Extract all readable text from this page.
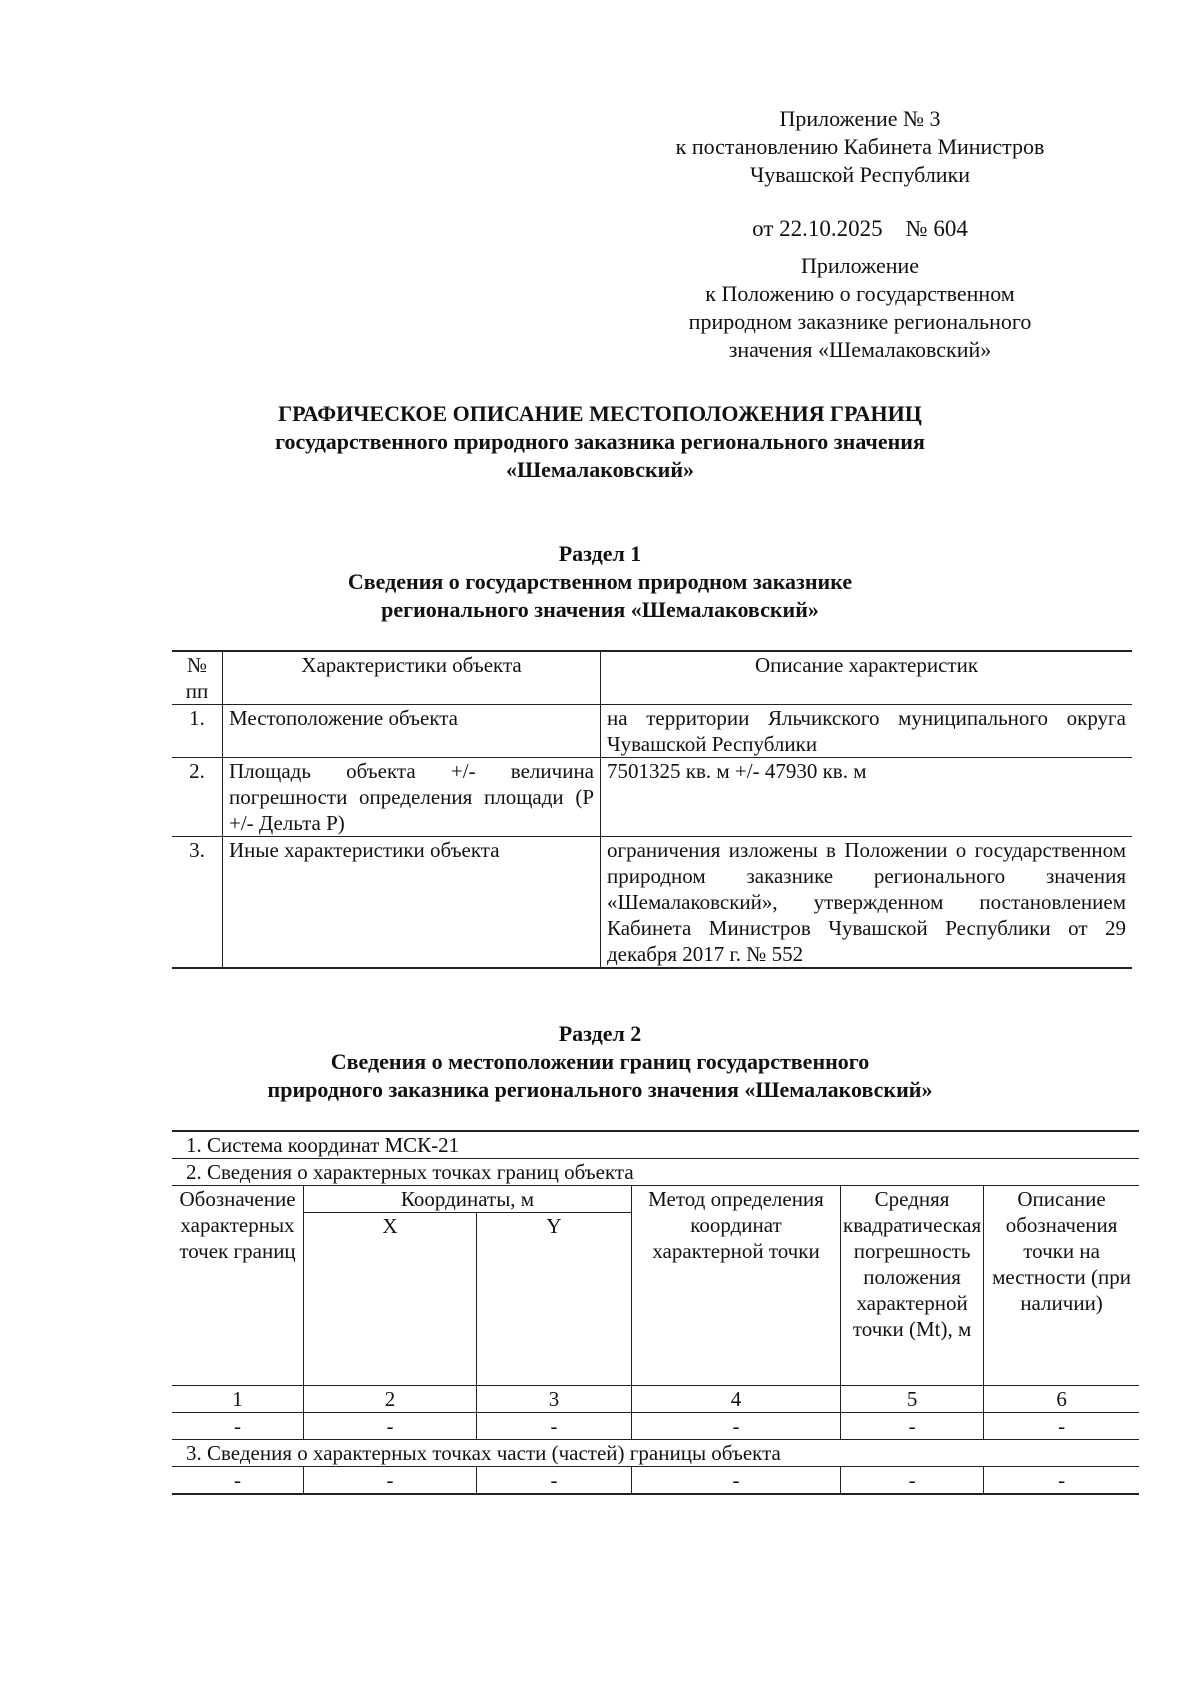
Приложение № 3
к постановлению Кабинета Министров
Чувашской Республики
от 22.10.2025    № 604
Приложение
к Положению о государственном
природном заказнике регионального
значения «Шемалаковский»
ГРАФИЧЕСКОЕ ОПИСАНИЕ МЕСТОПОЛОЖЕНИЯ ГРАНИЦ
государственного природного заказника регионального значения
«Шемалаковский»
Раздел 1
Сведения о государственном природном заказнике
регионального значения «Шемалаковский»
№ пп	Характеристики объекта	Описание характеристик
1.	Местоположение объекта	на территории Яльчикского муниципального округа Чувашской Республики
2.	Площадь объекта +/- величина погрешности определения площади (Р +/- Дельта Р)	7501325 кв. м +/- 47930 кв. м
3.	Иные характеристики объекта	ограничения изложены в Положении о государственном природном заказнике регионального значения «Шемалаковский», утвержденном постановлением Кабинета Министров Чувашской Республики от 29 декабря 2017 г. № 552
Раздел 2
Сведения о местоположении границ государственного
природного заказника регионального значения «Шемалаковский»
1. Система координат МСК-21					
2. Сведения о характерных точках границ объекта					
Обозначение характерных точек границ	Координаты, м		Метод определения координат характерной точки	Средняя квадратическая погрешность положения характерной точки (Mt), м	Описание обозначения точки на местности (при наличии)
	X	Y			
1	2	3	4	5	6
-	-	-	-	-	-
3. Сведения о характерных точках части (частей) границы объекта					
-	-	-	-	-	-
